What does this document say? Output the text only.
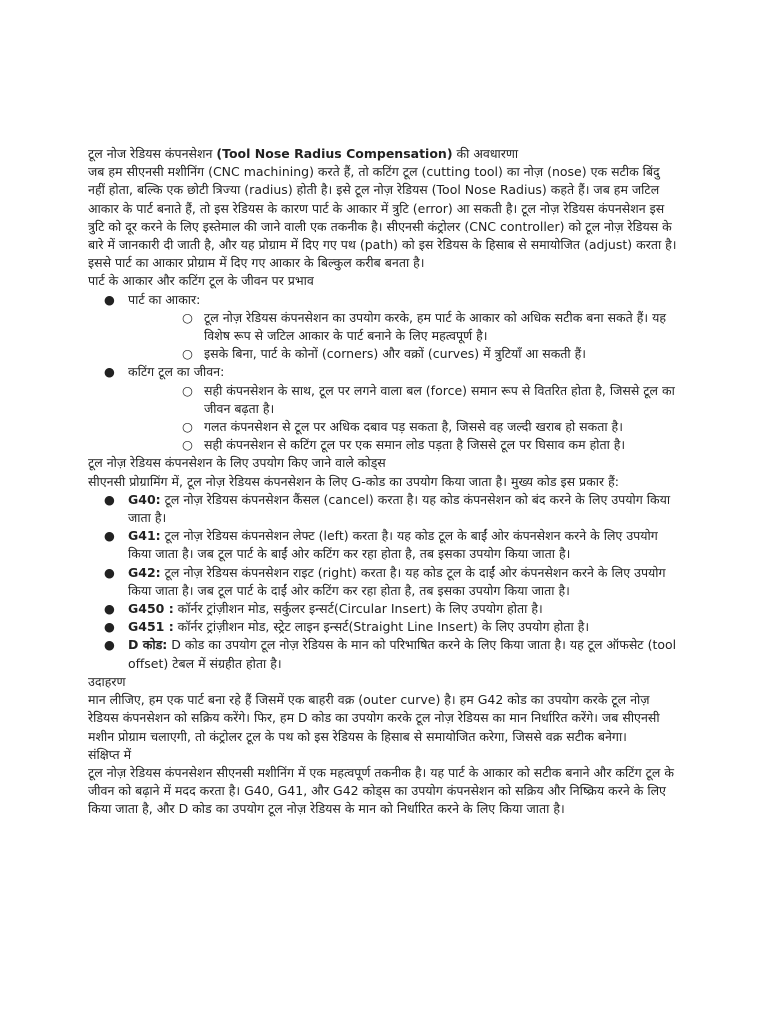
टूल नोज रेडियस कंपनसेशन (Tool Nose Radius Compensation) की अवधारणा

जब हम सीएनसी मशीनिंग (CNC machining) करते हैं, तो कटिंग टूल (cutting tool) का नोज़ (nose) एक सटीक बिंदु नहीं होता, बल्कि एक छोटी त्रिज्या (radius) होती है। इसे टूल नोज़ रेडियस (Tool Nose Radius) कहते हैं। जब हम जटिल आकार के पार्ट बनाते हैं, तो इस रेडियस के कारण पार्ट के आकार में त्रुटि (error) आ सकती है। टूल नोज़ रेडियस कंपनसेशन इस त्रुटि को दूर करने के लिए इस्तेमाल की जाने वाली एक तकनीक है। सीएनसी कंट्रोलर (CNC controller) को टूल नोज़ रेडियस के बारे में जानकारी दी जाती है, और यह प्रोग्राम में दिए गए पथ (path) को इस रेडियस के हिसाब से समायोजित (adjust) करता है। इससे पार्ट का आकार प्रोग्राम में दिए गए आकार के बिल्कुल करीब बनता है।

पार्ट के आकार और कटिंग टूल के जीवन पर प्रभाव

● पार्ट का आकार:
○ टूल नोज़ रेडियस कंपनसेशन का उपयोग करके, हम पार्ट के आकार को अधिक सटीक बना सकते हैं। यह विशेष रूप से जटिल आकार के पार्ट बनाने के लिए महत्वपूर्ण है।
○ इसके बिना, पार्ट के कोनों (corners) और वक्रों (curves) में त्रुटियाँ आ सकती हैं।
● कटिंग टूल का जीवन:
○ सही कंपनसेशन के साथ, टूल पर लगने वाला बल (force) समान रूप से वितरित होता है, जिससे टूल का जीवन बढ़ता है।
○ गलत कंपनसेशन से टूल पर अधिक दबाव पड़ सकता है, जिससे वह जल्दी खराब हो सकता है।
○ सही कंपनसेशन से कटिंग टूल पर एक समान लोड पड़ता है जिससे टूल पर घिसाव कम होता है।

टूल नोज़ रेडियस कंपनसेशन के लिए उपयोग किए जाने वाले कोड्स

सीएनसी प्रोग्रामिंग में, टूल नोज़ रेडियस कंपनसेशन के लिए G-कोड का उपयोग किया जाता है। मुख्य कोड इस प्रकार हैं:

● G40: टूल नोज़ रेडियस कंपनसेशन कैंसल (cancel) करता है। यह कोड कंपनसेशन को बंद करने के लिए उपयोग किया जाता है।
● G41: टूल नोज़ रेडियस कंपनसेशन लेफ्ट (left) करता है। यह कोड टूल के बाईं ओर कंपनसेशन करने के लिए उपयोग किया जाता है। जब टूल पार्ट के बाईं ओर कटिंग कर रहा होता है, तब इसका उपयोग किया जाता है।
● G42: टूल नोज़ रेडियस कंपनसेशन राइट (right) करता है। यह कोड टूल के दाईं ओर कंपनसेशन करने के लिए उपयोग किया जाता है। जब टूल पार्ट के दाईं ओर कटिंग कर रहा होता है, तब इसका उपयोग किया जाता है।
● G450 : कॉर्नर ट्रांज़ीशन मोड, सर्कुलर इन्सर्ट(Circular Insert) के लिए उपयोग होता है।
● G451 : कॉर्नर ट्रांज़ीशन मोड, स्ट्रेट लाइन इन्सर्ट(Straight Line Insert) के लिए उपयोग होता है।
● D कोड: D कोड का उपयोग टूल नोज़ रेडियस के मान को परिभाषित करने के लिए किया जाता है। यह टूल ऑफसेट (tool offset) टेबल में संग्रहीत होता है।

उदाहरण

मान लीजिए, हम एक पार्ट बना रहे हैं जिसमें एक बाहरी वक्र (outer curve) है। हम G42 कोड का उपयोग करके टूल नोज़ रेडियस कंपनसेशन को सक्रिय करेंगे। फिर, हम D कोड का उपयोग करके टूल नोज़ रेडियस का मान निर्धारित करेंगे। जब सीएनसी मशीन प्रोग्राम चलाएगी, तो कंट्रोलर टूल के पथ को इस रेडियस के हिसाब से समायोजित करेगा, जिससे वक्र सटीक बनेगा।

संक्षिप्त में

टूल नोज़ रेडियस कंपनसेशन सीएनसी मशीनिंग में एक महत्वपूर्ण तकनीक है। यह पार्ट के आकार को सटीक बनाने और कटिंग टूल के जीवन को बढ़ाने में मदद करता है। G40, G41, और G42 कोड्स का उपयोग कंपनसेशन को सक्रिय और निष्क्रिय करने के लिए किया जाता है, और D कोड का उपयोग टूल नोज़ रेडियस के मान को निर्धारित करने के लिए किया जाता है।
